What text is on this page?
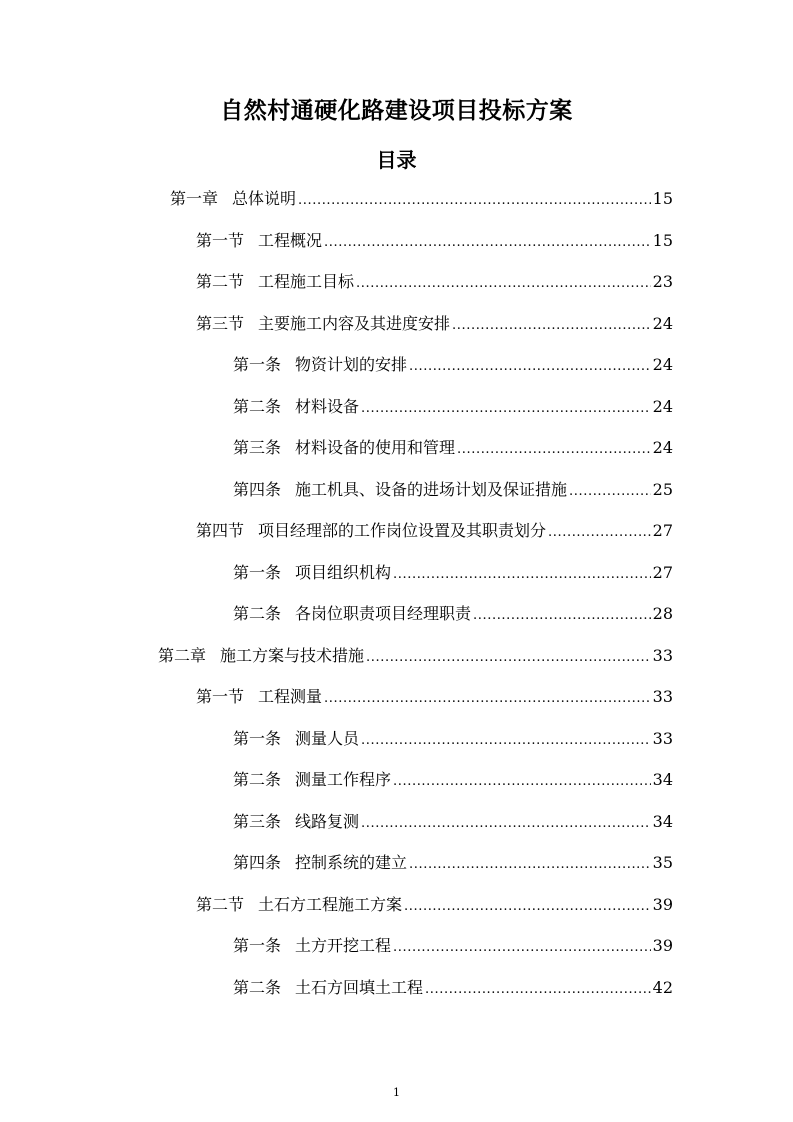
自然村通硬化路建设项目投标方案
目录
第一章 总体说明 .....	15
第一节 工程概况 .....	15
第二节 工程施工目标 .....	23
第三节 主要施工内容及其进度安排 .....	24
第一条 物资计划的安排 .....	24
第二条 材料设备 .....	24
第三条 材料设备的使用和管理 .....	24
第四条 施工机具、设备的进场计划及保证措施 .....	25
第四节 项目经理部的工作岗位设置及其职责划分 .....	27
第一条 项目组织机构 .....	27
第二条 各岗位职责项目经理职责 .....	28
第二章 施工方案与技术措施 .....	33
第一节 工程测量 .....	33
第一条 测量人员 .....	33
第二条 测量工作程序 .....	34
第三条 线路复测 .....	34
第四条 控制系统的建立 .....	35
第二节 土石方工程施工方案 .....	39
第一条 土方开挖工程 .....	39
第二条 土石方回填土工程 .....	42
1
